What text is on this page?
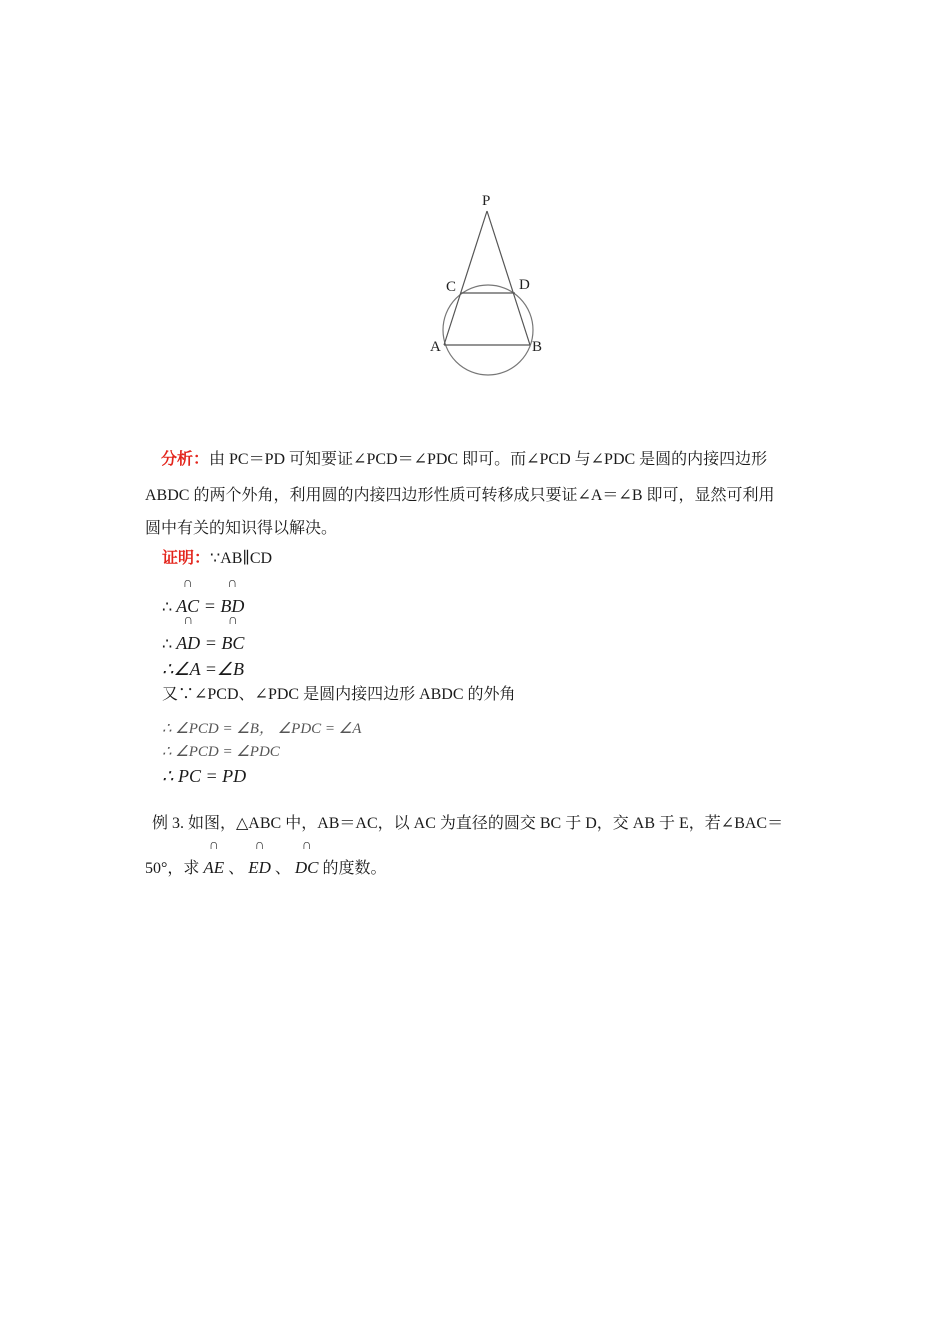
P
C	D
A	B
分析：由 PC＝PD 可知要证∠PCD＝∠PDC 即可。而∠PCD 与∠PDC 是圆的内接四边形
ABDC 的两个外角，利用圆的内接四边形性质可转移成只要证∠A＝∠B 即可，显然可利用
圆中有关的知识得以解决。
证明：∵AB∥CD
∴ ∩ AC = ∩ BD
∴ ∩ AD = ∩ BC
∴∠A =∠B
又∵∠PCD、∠PDC 是圆内接四边形 ABDC 的外角
∴ ∠PCD = ∠B， ∠PDC = ∠A
∴ ∠PCD = ∠PDC
∴ PC = PD
例 3. 如图，△ABC 中，AB＝AC，以 AC 为直径的圆交 BC 于 D，交 AB 于 E，若∠BAC＝
50°，求 ∩ AE 、 ∩ ED 、 ∩ DC 的度数。
